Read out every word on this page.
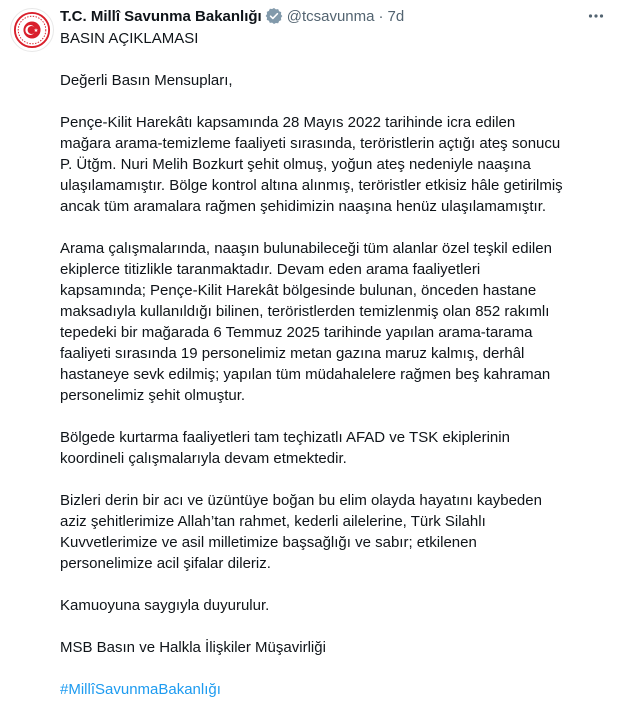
T.C. Millî Savunma Bakanlığı @tcsavunma · 7d

BASIN AÇIKLAMASI

Değerli Basın Mensupları,

Pençe-Kilit Harekâtı kapsamında 28 Mayıs 2022 tarihinde icra edilen

mağara arama-temizleme faaliyeti sırasında, teröristlerin açtığı ateş sonucu

P. Ütğm. Nuri Melih Bozkurt şehit olmuş, yoğun ateş nedeniyle naaşına

ulaşılamamıştır. Bölge kontrol altına alınmış, teröristler etkisiz hâle getirilmiş

ancak tüm aramalara rağmen şehidimizin naaşına henüz ulaşılamamıştır.

Arama çalışmalarında, naaşın bulunabileceği tüm alanlar özel teşkil edilen

ekiplerce titizlikle taranmaktadır. Devam eden arama faaliyetleri

kapsamında; Pençe-Kilit Harekât bölgesinde bulunan, önceden hastane

maksadıyla kullanıldığı bilinen, teröristlerden temizlenmiş olan 852 rakımlı

tepedeki bir mağarada 6 Temmuz 2025 tarihinde yapılan arama-tarama

faaliyeti sırasında 19 personelimiz metan gazına maruz kalmış, derhâl

hastaneye sevk edilmiş; yapılan tüm müdahalelere rağmen beş kahraman

personelimiz şehit olmuştur.

Bölgede kurtarma faaliyetleri tam teçhizatlı AFAD ve TSK ekiplerinin

koordineli çalışmalarıyla devam etmektedir.

Bizleri derin bir acı ve üzüntüye boğan bu elim olayda hayatını kaybeden

aziz şehitlerimize Allah’tan rahmet, kederli ailelerine, Türk Silahlı

Kuvvetlerimize ve asil milletimize başsağlığı ve sabır; etkilenen

personelimize acil şifalar dileriz.

Kamuoyuna saygıyla duyurulur.

MSB Basın ve Halkla İlişkiler Müşavirliği

#MillîSavunmaBakanlığı
